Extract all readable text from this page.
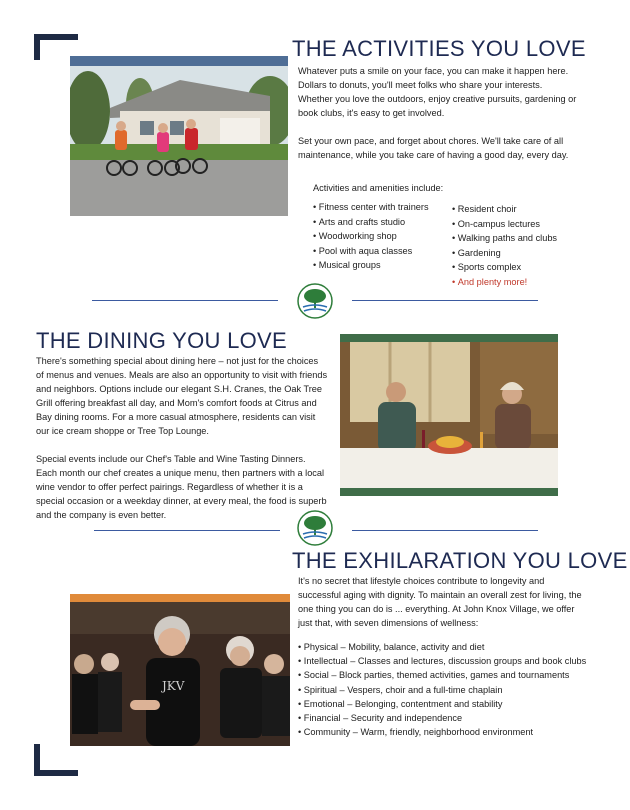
THE ACTIVITIES YOU LOVE

Whatever puts a smile on your face, you can make it happen here. Dollars to donuts, you'll meet folks who share your interests. Whether you love the outdoors, enjoy creative pursuits, gardening or book clubs, it's easy to get involved.

Set your own pace, and forget about chores. We'll take care of all maintenance, while you take care of having a good day, every day.

Activities and amenities include:
• Fitness center with trainers
• Arts and crafts studio
• Woodworking shop
• Pool with aqua classes
• Musical groups
• Resident choir
• On-campus lectures
• Walking paths and clubs
• Gardening
• Sports complex
• And plenty more!
THE DINING YOU LOVE

There's something special about dining here – not just for the choices of menus and venues. Meals are also an opportunity to visit with friends and neighbors. Options include our elegant S.H. Cranes, the Oak Tree Grill offering breakfast all day, and Mom's comfort foods at Citrus and Bay dining rooms. For a more casual atmosphere, residents can visit our ice cream shoppe or Tree Top Lounge.

Special events include our Chef's Table and Wine Tasting Dinners. Each month our chef creates a unique menu, then partners with a local wine vendor to offer perfect pairings. Regardless of whether it is a special occasion or a weekday dinner, at every meal, the food is superb and the company is even better.

THE EXHILARATION YOU LOVE
It's no secret that lifestyle choices contribute to longevity and successful aging with dignity. To maintain an overall zest for living, the one thing you can do is ... everything. At John Knox Village, we offer just that, with seven dimensions of wellness:
• Physical – Mobility, balance, activity and diet
• Intellectual – Classes and lectures, discussion groups and book clubs
• Social – Block parties, themed activities, games and tournaments
• Spiritual – Vespers, choir and a full-time chaplain
• Emotional – Belonging, contentment and stability
• Financial – Security and independence
• Community – Warm, friendly, neighborhood environment
JKV
